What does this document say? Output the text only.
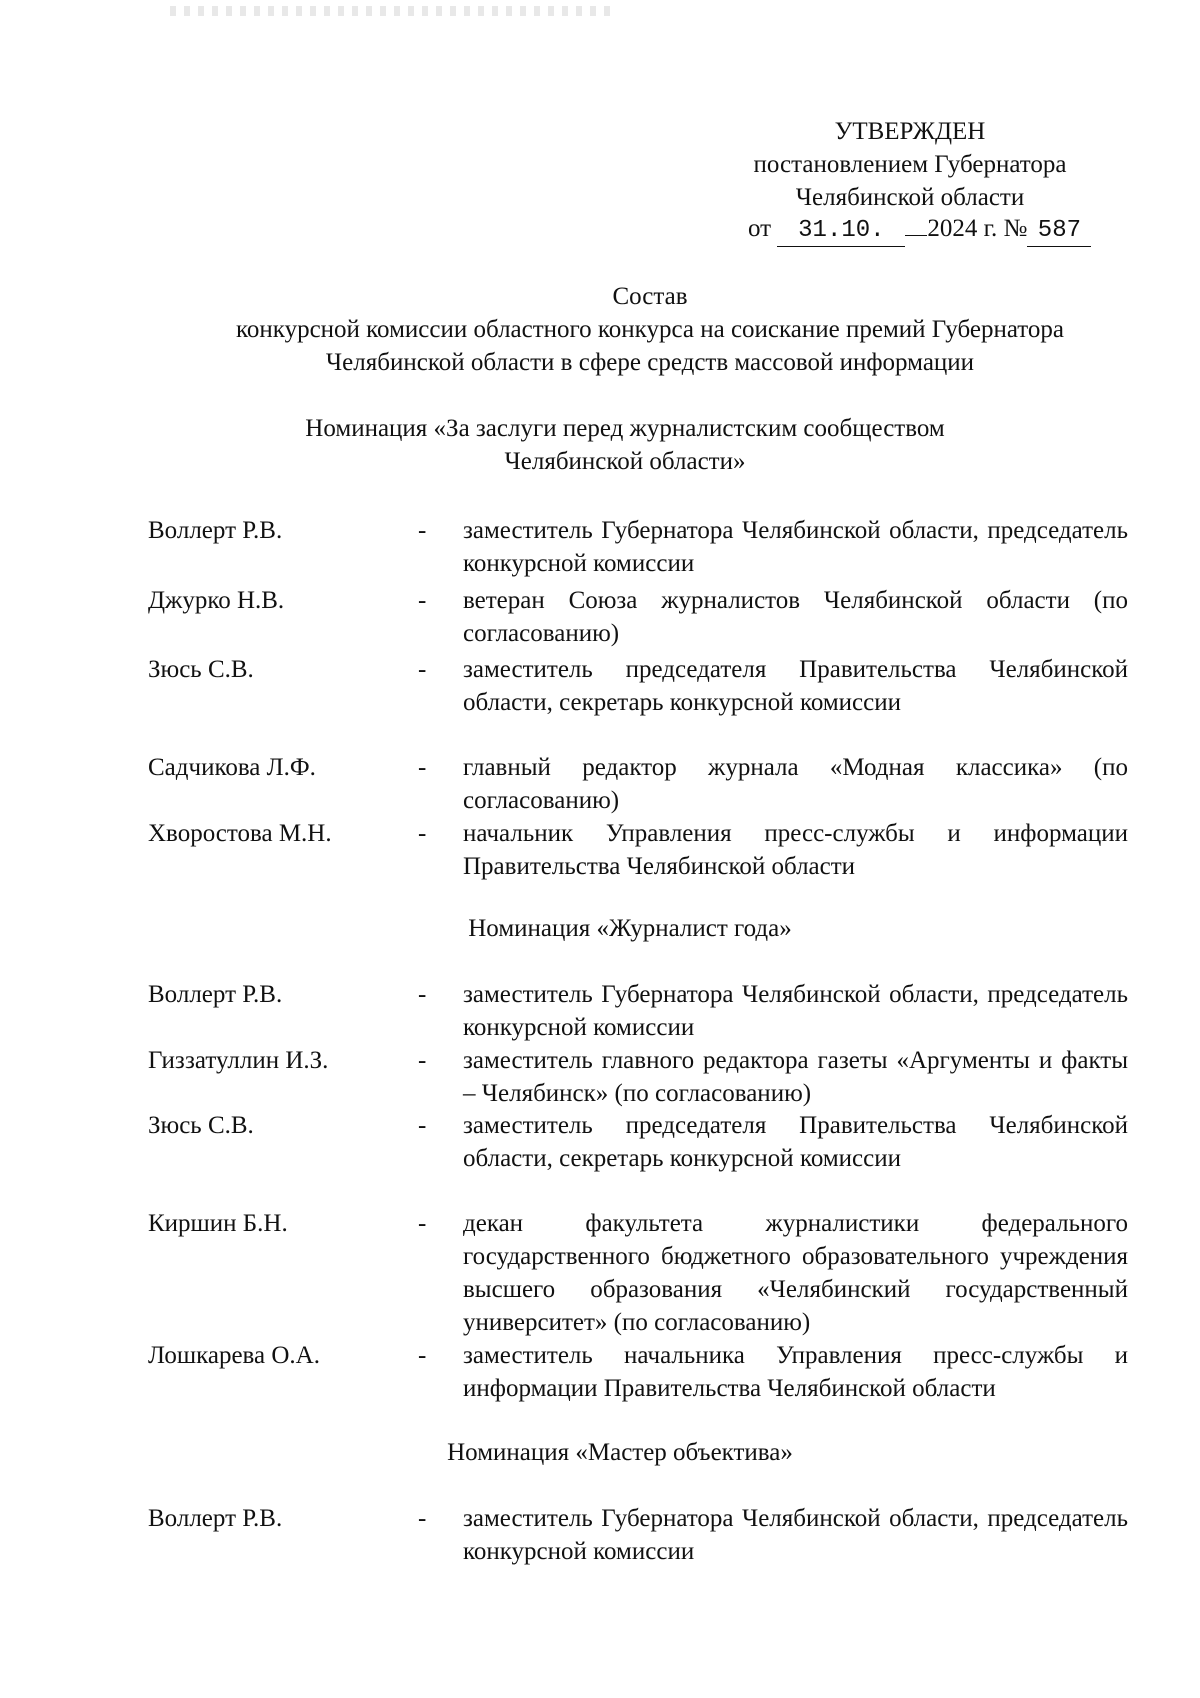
УТВЕРЖДЕН
постановлением Губернатора
Челябинской области
от 31.10. 2024 г. № 587
Состав
конкурсной комиссии областного конкурса на соискание премий Губернатора
Челябинской области в сфере средств массовой информации
Номинация «За заслуги перед журналистским сообществом
Челябинской области»
Воллерт Р.В.	- заместитель Губернатора Челябинской области, председатель конкурсной комиссии
Джурко Н.В.	- ветеран Союза журналистов Челябинской области (по согласованию)
Зюсь С.В.	- заместитель председателя Правительства Челябинской области, секретарь конкурсной комиссии
Садчикова Л.Ф.	- главный редактор журнала «Модная классика» (по согласованию)
Хворостова М.Н.	- начальник Управления пресс-службы и информации Правительства Челябинской области
Номинация «Журналист года»
Воллерт Р.В.	- заместитель Губернатора Челябинской области, председатель конкурсной комиссии
Гиззатуллин И.З.	- заместитель главного редактора газеты «Аргументы и факты – Челябинск» (по согласованию)
Зюсь С.В.	- заместитель председателя Правительства Челябинской области, секретарь конкурсной комиссии
Киршин Б.Н.	- декан факультета журналистики федерального государственного бюджетного образовательного учреждения высшего образования «Челябинский государственный университет» (по согласованию)
Лошкарева О.А.	- заместитель начальника Управления пресс-службы и информации Правительства Челябинской области
Номинация «Мастер объектива»
Воллерт Р.В.	- заместитель Губернатора Челябинской области, председатель конкурсной комиссии
